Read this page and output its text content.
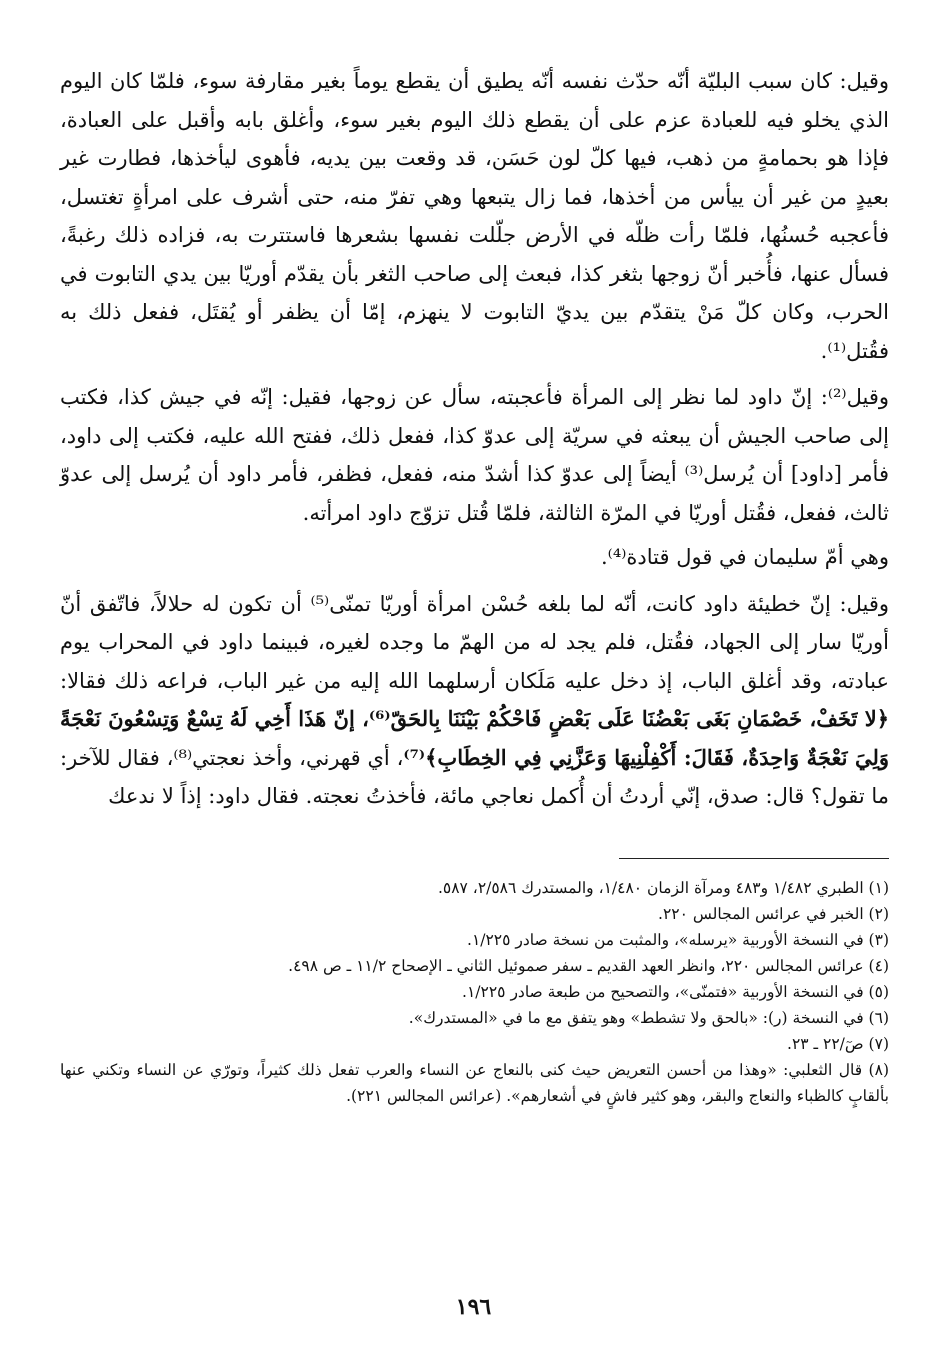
وقيل: كان سبب البليّة أنّه حدّث نفسه أنّه يطيق أن يقطع يوماً بغير مقارفة سوء، فلمّا كان اليوم الذي يخلو فيه للعبادة عزم على أن يقطع ذلك اليوم بغير سوء، وأغلق بابه وأقبل على العبادة، فإذا هو بحمامةٍ من ذهب، فيها كلّ لون حَسَن، قد وقعت بين يديه، فأهوى ليأخذها، فطارت غير بعيدٍ من غير أن ييأس من أخذها، فما زال يتبعها وهي تفرّ منه، حتى أشرف على امرأةٍ تغتسل، فأعجبه حُسنُها، فلمّا رأت ظلّه في الأرض جلّلت نفسها بشعرها فاستترت به، فزاده ذلك رغبةً، فسأل عنها، فأُخبر أنّ زوجها بثغر كذا، فبعث إلى صاحب الثغر بأن يقدّم أوريّا بين يدي التابوت في الحرب، وكان كلّ مَنْ يتقدّم بين يديّ التابوت لا ينهزم، إمّا أن يظفر أو يُقتَل، ففعل ذلك به فقُتل⁽¹⁾.

وقيل⁽²⁾: إنّ داود لما نظر إلى المرأة فأعجبته، سأل عن زوجها، فقيل: إنّه في جيش كذا، فكتب إلى صاحب الجيش أن يبعثه في سريّة إلى عدوّ كذا، ففعل ذلك، ففتح الله عليه، فكتب إلى داود، فأمر [داود] أن يُرسل⁽³⁾ أيضاً إلى عدوّ كذا أشدّ منه، ففعل، فظفر، فأمر داود أن يُرسل إلى عدوّ ثالث، ففعل، فقُتل أوريّا في المرّة الثالثة، فلمّا قُتل تزوّج داود امرأته.

وهي أمّ سليمان في قول قتادة⁽⁴⁾.

وقيل: إنّ خطيئة داود كانت، أنّه لما بلغه حُسْن امرأة أوريّا تمنّى⁽⁵⁾ أن تكون له حلالاً، فاتّفق أنّ أوريّا سار إلى الجهاد، فقُتل، فلم يجد له من الهمّ ما وجده لغيره، فبينما داود في المحراب يوم عبادته، وقد أغلق الباب، إذ دخل عليه مَلَكان أرسلهما الله إليه من غير الباب، فراعه ذلك فقالا: ﴿لا تَخَفْ، خَصْمَانِ بَغَى بَعْضُنَا عَلَى بَعْضٍ فَاحْكُمْ بَيْنَنَا بِالحَقّ⁽⁶⁾، إنّ هَذَا أَخِي لَهُ تِسْعٌ وَتِسْعُونَ نَعْجَةً وَلِيَ نَعْجَةٌ وَاحِدَةٌ، فَقَالَ: أَكْفِلْنِيهَا وَعَزَّنِي فِي الخِطَابِ﴾⁽⁷⁾، أي قهرني، وأخذ نعجتي⁽⁸⁾، فقال للآخر: ما تقول؟ قال: صدق، إنّي أردتُ أن أُكمل نعاجي مائة، فأخذتُ نعجته. فقال داود: إذاً لا ندعك

(١) الطبري ١/٤٨٢ و٤٨٣ ومرآة الزمان ١/٤٨٠، والمستدرك ٢/٥٨٦، ٥٨٧.

(٢) الخبر في عرائس المجالس ٢٢٠.

(٣) في النسخة الأوربية «يرسله»، والمثبت من نسخة صادر ١/٢٢٥.

(٤) عرائس المجالس ٢٢٠، وانظر العهد القديم ـ سفر صموئيل الثاني ـ الإصحاح ١١/٢ ـ ص ٤٩٨.

(٥) في النسخة الأوربية «فتمنّى»، والتصحيح من طبعة صادر ١/٢٢٥.

(٦) في النسخة (ر): «بالحق ولا تشطط» وهو يتفق مع ما في «المستدرك».

(٧) صٓ/٢٢ ـ ٢٣.

(٨) قال الثعلبي: «وهذا من أحسن التعريض حيث كنى بالنعاج عن النساء والعرب تفعل ذلك كثيراً، وتورّي عن النساء وتكني عنها بألقابٍ كالظباء والنعاج والبقر، وهو كثير فاشٍ في أشعارهم». (عرائس المجالس ٢٢١).

١٩٦
